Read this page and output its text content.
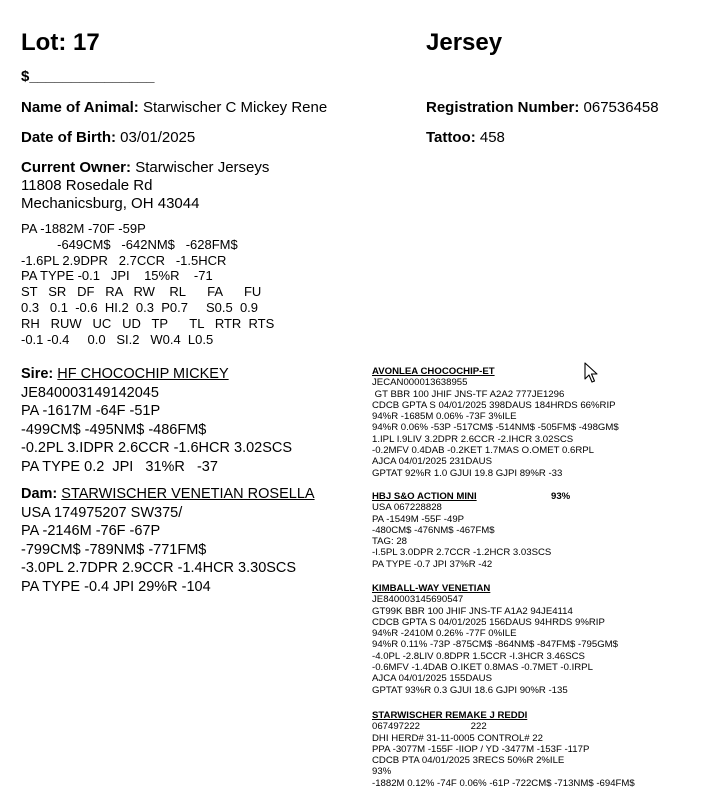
Lot: 17	Jersey
$_______________
Name of Animal: Starwischer C Mickey Rene	Registration Number: 067536458
Date of Birth: 03/01/2025	Tattoo: 458
Current Owner: Starwischer Jerseys
11808 Rosedale Rd
Mechanicsburg, OH 43044
PA -1882M -70F -59P
-649CM$   -642NM$   -628FM$
-1.6PL 2.9DPR   2.7CCR   -1.5HCR
PA TYPE -0.1   JPI    15%R    -71
ST   SR   DF   RA   RW    RL      FA      FU
0.3   0.1  -0.6  HI.2  0.3  P0.7     S0.5  0.9
RH   RUW   UC   UD   TP      TL   RTR  RTS
-0.1 -0.4     0.0   SI.2   W0.4  L0.5
Sire: HF CHOCOCHIP MICKEY
JE840003149142045
PA -1617M -64F -51P
-499CM$ -495NM$ -486FM$
-0.2PL 3.IDPR 2.6CCR -1.6HCR 3.02SCS
PA TYPE 0.2  JPI   31%R   -37
Dam: STARWISCHER VENETIAN ROSELLA
USA 174975207 SW375/
PA -2146M -76F -67P
-799CM$ -789NM$ -771FM$
-3.0PL 2.7DPR 2.9CCR -1.4HCR 3.30SCS
PA TYPE -0.4 JPI 29%R -104
AVONLEA CHOCOCHIP-ET
JECAN000013638955
GT BBR 100 JHIF JNS-TF A2A2 777JE1296
CDCB GPTA S 04/01/2025 398DAUS 184HRDS 66%RIP
94%R -1685M 0.06% -73F 3%ILE
94%R 0.06% -53P -517CM$ -514NM$ -505FM$ -498GM$
1.IPL I.9LIV 3.2DPR 2.6CCR -2.IHCR 3.02SCS
-0.2MFV 0.4DAB -0.2KET 1.7MAS O.OMET 0.6RPL
AJCA 04/01/2025 231DAUS
GPTAT 92%R 1.0 GJUI 19.8 GJPI 89%R -33
HBJ S&O ACTION MINI
USA 067228828
PA -1549M -55F -49P
-480CM$ -476NM$ -467FM$
TAG: 28
-I.5PL 3.0DPR 2.7CCR -1.2HCR 3.03SCS
PA TYPE -0.7 JPI 37%R -42
93%
KIMBALL-WAY VENETIAN
JE840003145690547
GT99K BBR 100 JHIF JNS-TF A1A2 94JE4114
CDCB GPTA S 04/01/2025 156DAUS 94HRDS 9%RIP
94%R -2410M 0.26% -77F 0%ILE
94%R 0.11% -73P -875CM$ -864NM$ -847FM$ -795GM$
-4.0PL -2.8LIV 0.8DPR 1.5CCR -I.3HCR 3.46SCS
-0.6MFV -1.4DAB O.IKET 0.8MAS -0.7MET -0.IRPL
AJCA 04/01/2025 155DAUS
GPTAT 93%R 0.3 GJUI 18.6 GJPI 90%R -135
STARWISCHER REMAKE J REDDI
067497222                   222
DHI HERD# 31-11-0005 CONTROL# 22
PPA -3077M -155F -IIOP / YD -3477M -153F -117P
CDCB PTA 04/01/2025 3RECS 50%R 2%ILE
93%
-1882M 0.12% -74F 0.06% -61P -722CM$ -713NM$ -694FM$
